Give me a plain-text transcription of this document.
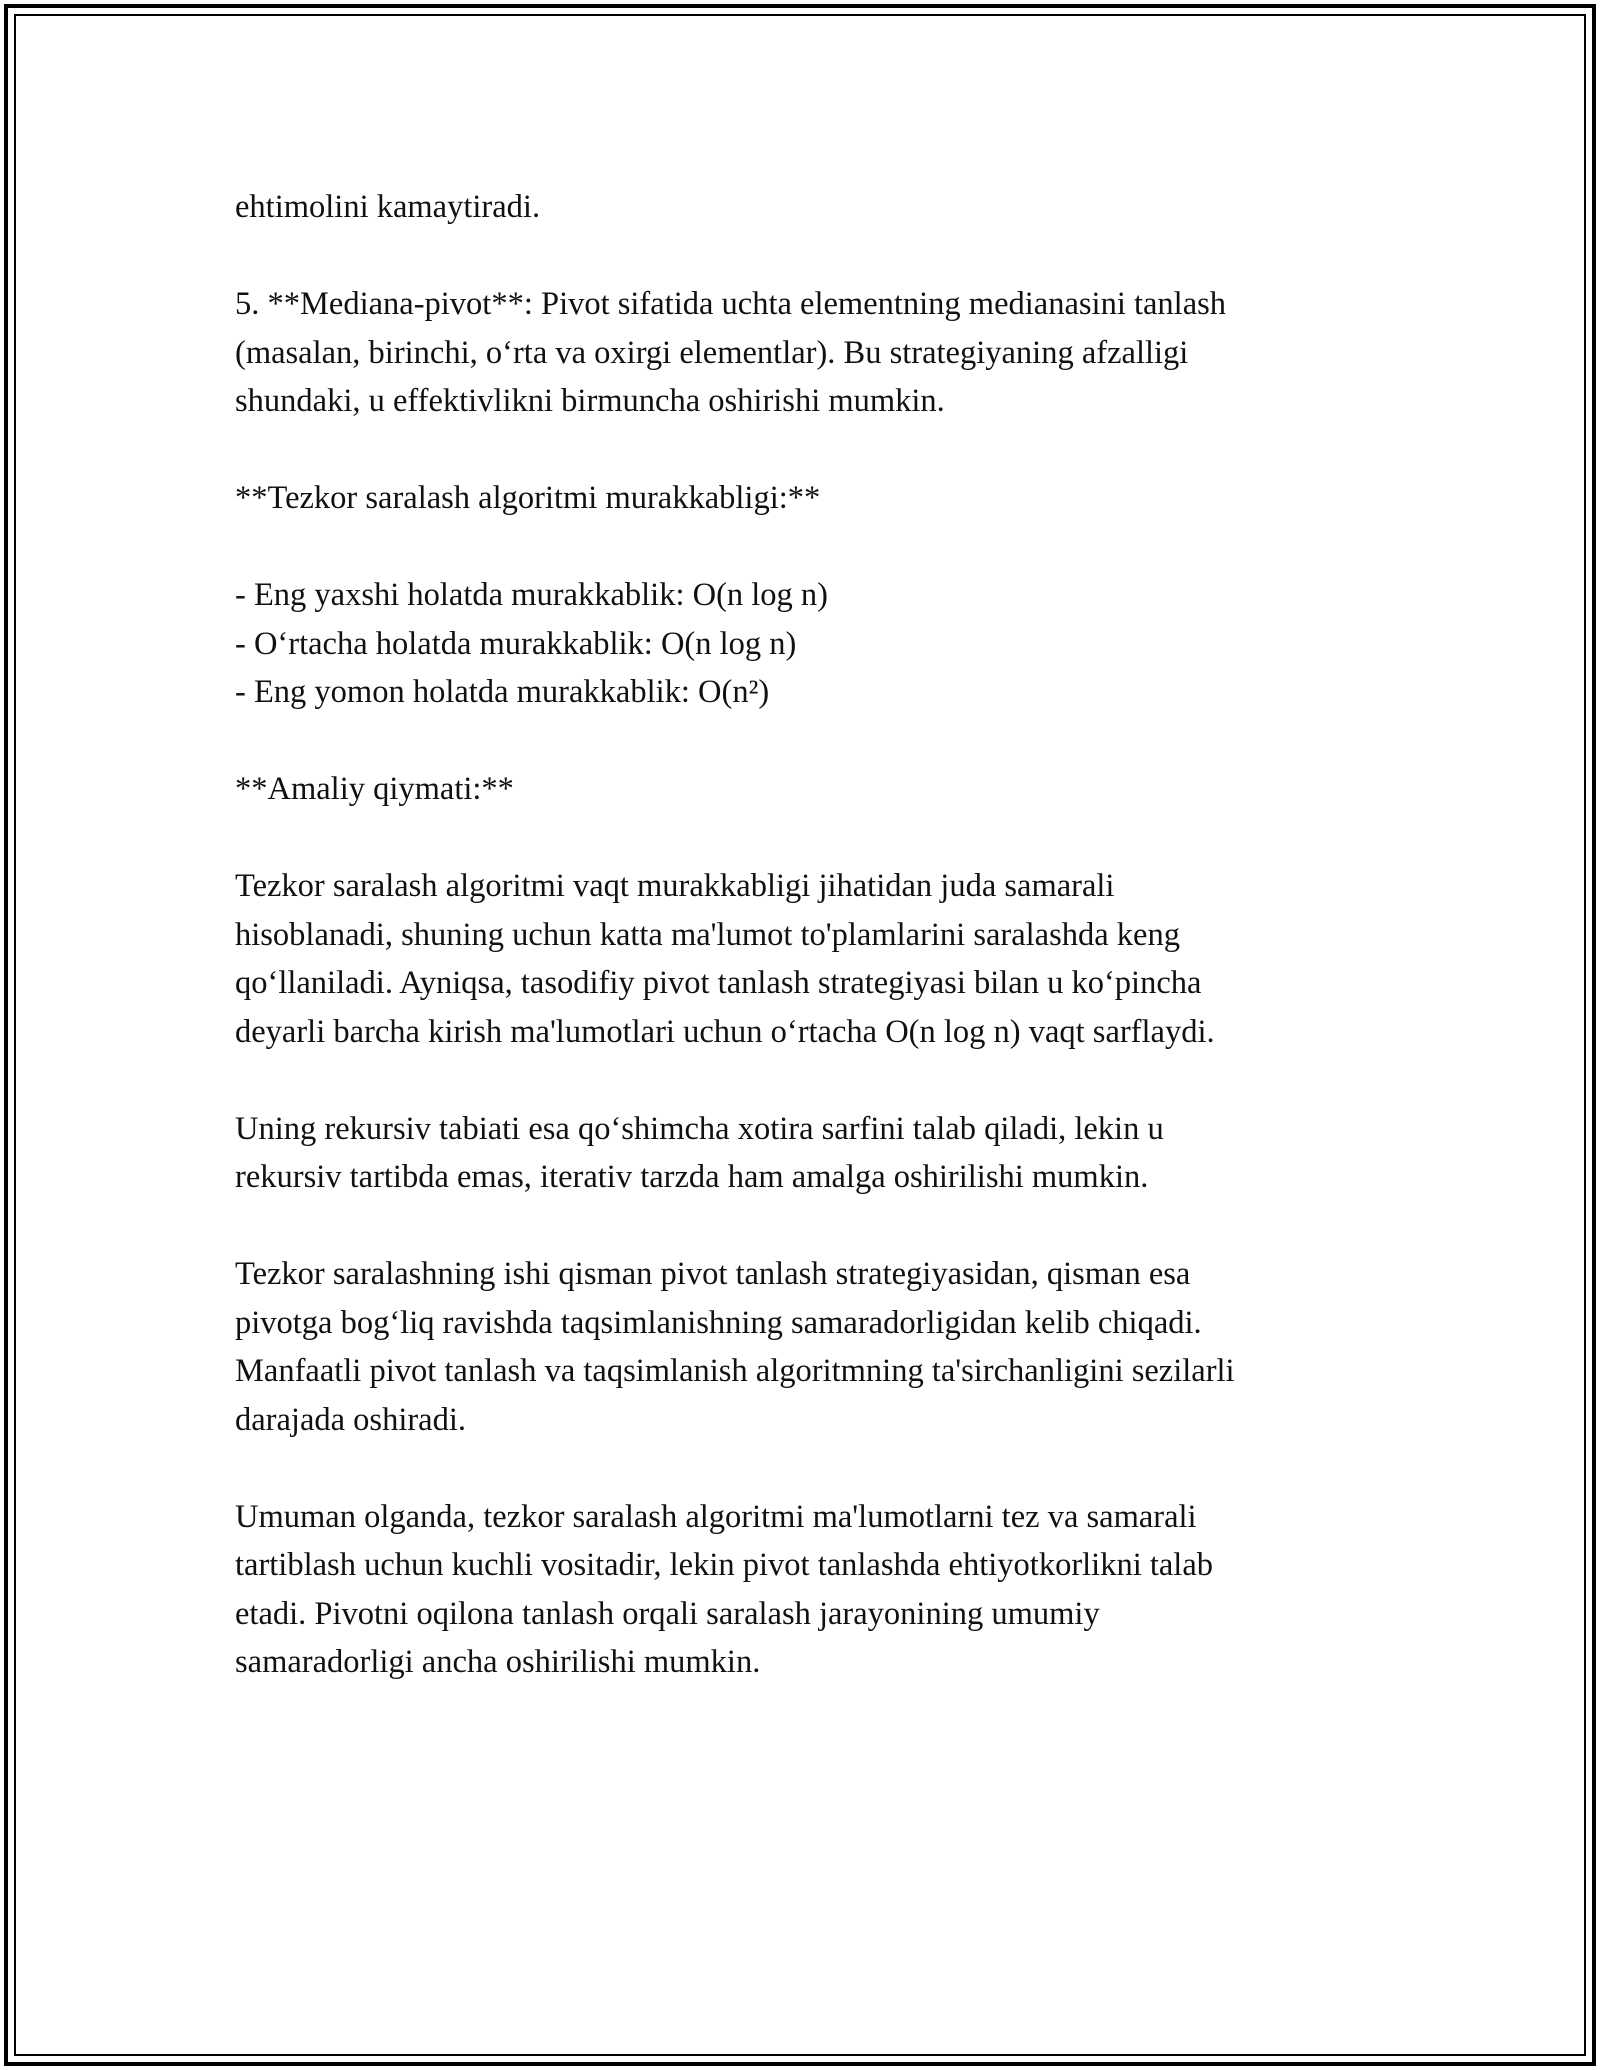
ehtimolini kamaytiradi.

5. **Mediana-pivot**: Pivot sifatida uchta elementning medianasini tanlash
(masalan, birinchi, o‘rta va oxirgi elementlar). Bu strategiyaning afzalligi
shundaki, u effektivlikni birmuncha oshirishi mumkin.

**Tezkor saralash algoritmi murakkabligi:**

- Eng yaxshi holatda murakkablik: O(n log n)
- O‘rtacha holatda murakkablik: O(n log n)
- Eng yomon holatda murakkablik: O(n²)

**Amaliy qiymati:**

Tezkor saralash algoritmi vaqt murakkabligi jihatidan juda samarali
hisoblanadi, shuning uchun katta ma'lumot to'plamlarini saralashda keng
qo‘llaniladi. Ayniqsa, tasodifiy pivot tanlash strategiyasi bilan u ko‘pincha
deyarli barcha kirish ma'lumotlari uchun o‘rtacha O(n log n) vaqt sarflaydi.

Uning rekursiv tabiati esa qo‘shimcha xotira sarfini talab qiladi, lekin u
rekursiv tartibda emas, iterativ tarzda ham amalga oshirilishi mumkin.

Tezkor saralashning ishi qisman pivot tanlash strategiyasidan, qisman esa
pivotga bog‘liq ravishda taqsimlanishning samaradorligidan kelib chiqadi.
Manfaatli pivot tanlash va taqsimlanish algoritmning ta'sirchanligini sezilarli
darajada oshiradi.

Umuman olganda, tezkor saralash algoritmi ma'lumotlarni tez va samarali
tartiblash uchun kuchli vositadir, lekin pivot tanlashda ehtiyotkorlikni talab
etadi. Pivotni oqilona tanlash orqali saralash jarayonining umumiy
samaradorligi ancha oshirilishi mumkin.
